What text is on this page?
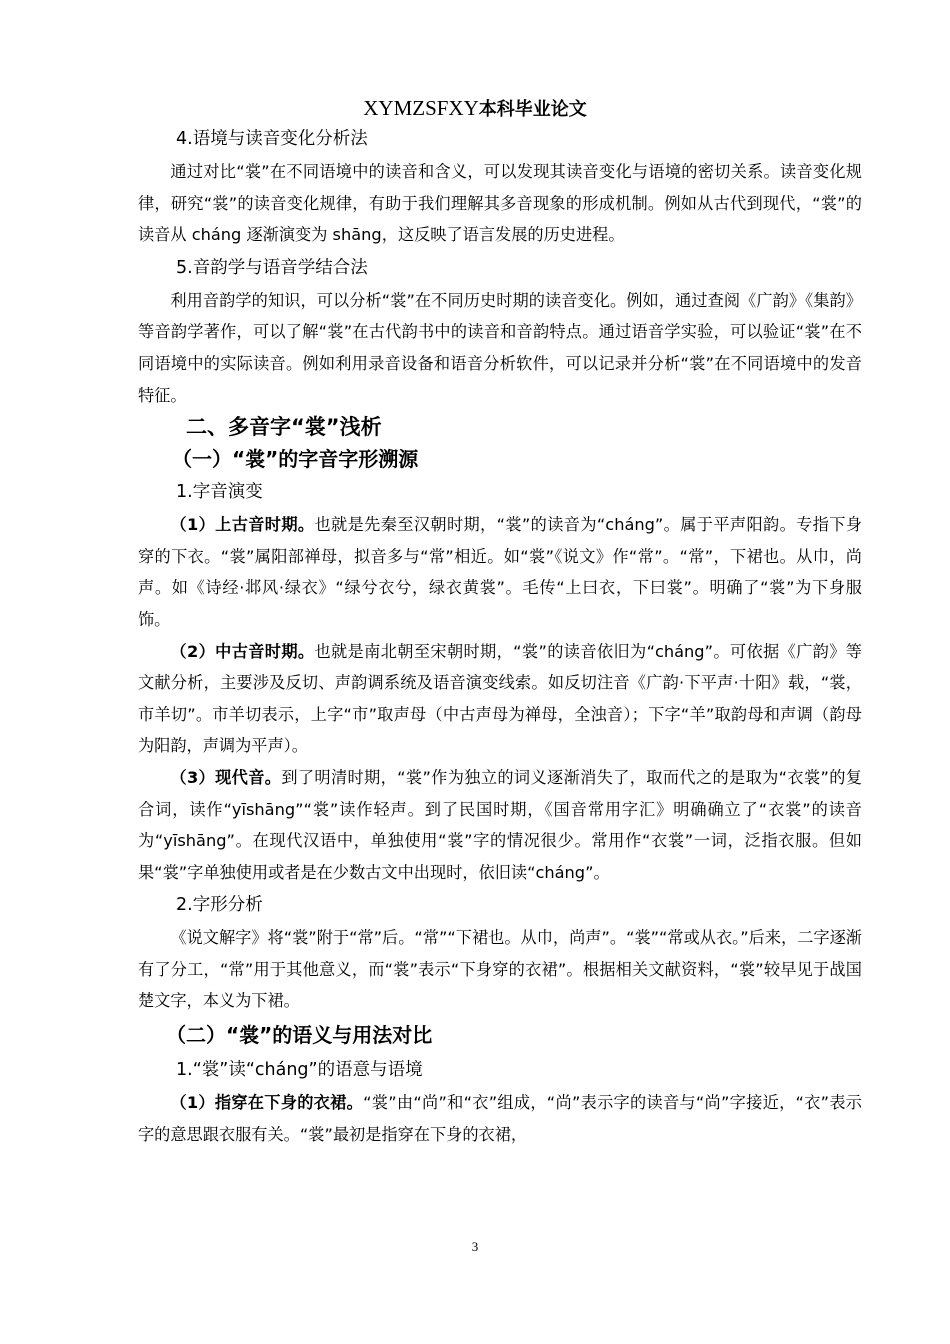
XYMZSFXY本科毕业论文

4.语境与读音变化分析法

通过对比“裳”在不同语境中的读音和含义，可以发现其读音变化与语境的密切关系。读音变化规律，研究“裳”的读音变化规律，有助于我们理解其多音现象的形成机制。例如从古代到现代，“裳”的读音从 cháng 逐渐演变为 shāng，这反映了语言发展的历史进程。

5.音韵学与语音学结合法

利用音韵学的知识，可以分析“裳”在不同历史时期的读音变化。例如，通过查阅《广韵》《集韵》等音韵学著作，可以了解“裳”在古代韵书中的读音和音韵特点。通过语音学实验，可以验证“裳”在不同语境中的实际读音。例如利用录音设备和语音分析软件，可以记录并分析“裳”在不同语境中的发音特征。

二、多音字“裳”浅析

（一）“裳”的字音字形溯源

1.字音演变

（1）上古音时期。也就是先秦至汉朝时期，“裳”的读音为“cháng”。属于平声阳韵。专指下身穿的下衣。“裳”属阳部禅母，拟音多与“常”相近。如“裳”《说文》作“常”。“常”，下裙也。从巾，尚声。如《诗经·邶风·绿衣》“绿兮衣兮，绿衣黄裳”。毛传“上曰衣，下曰裳”。明确了“裳”为下身服饰。

（2）中古音时期。也就是南北朝至宋朝时期，“裳”的读音依旧为“cháng”。可依据《广韵》等文献分析，主要涉及反切、声韵调系统及语音演变线索。如反切注音《广韵·下平声·十阳》载，“裳，市羊切”。市羊切表示，上字“市”取声母（中古声母为禅母，全浊音）；下字“羊”取韵母和声调（韵母为阳韵，声调为平声）。

（3）现代音。到了明清时期，“裳”作为独立的词义逐渐消失了，取而代之的是取为“衣裳”的复合词，读作“yīshāng”“裳”读作轻声。到了民国时期，《国音常用字汇》明确确立了“衣裳”的读音为“yīshāng”。在现代汉语中，单独使用“裳”字的情况很少。常用作“衣裳”一词，泛指衣服。但如果“裳”字单独使用或者是在少数古文中出现时，依旧读“cháng”。

2.字形分析

《说文解字》将“裳”附于“常”后。“常”“下裙也。从巾，尚声”。“裳”“常或从衣。”后来，二字逐渐有了分工，“常”用于其他意义，而“裳”表示“下身穿的衣裙”。根据相关文献资料，“裳”较早见于战国楚文字，本义为下裙。

（二）“裳”的语义与用法对比

1.“裳”读“cháng”的语意与语境

（1）指穿在下身的衣裙。“裳”由“尚”和“衣”组成，“尚”表示字的读音与“尚”字接近，“衣”表示字的意思跟衣服有关。“裳”最初是指穿在下身的衣裙，

3
